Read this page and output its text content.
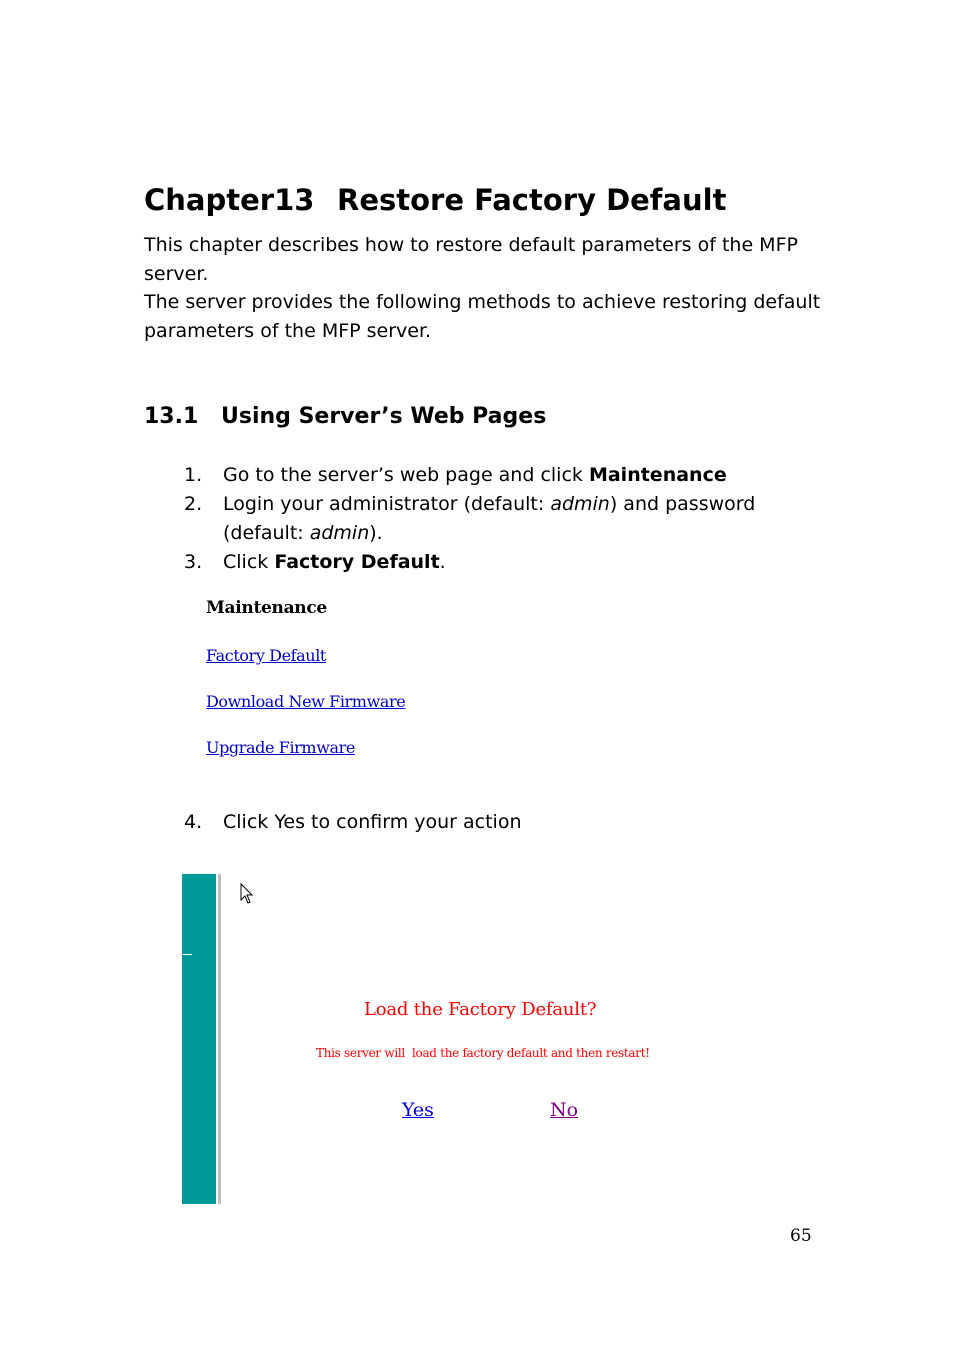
Chapter13 Restore Factory Default
This chapter describes how to restore default parameters of the MFP server.
The server provides the following methods to achieve restoring default parameters of the MFP server.
13.1 Using Server’s Web Pages
1. Go to the server’s web page and click Maintenance
2. Login your administrator (default: admin) and password
(default: admin).
3. Click Factory Default.
Maintenance
Factory Default
Download New Firmware
Upgrade Firmware
4. Click Yes to confirm your action
Load the Factory Default?
This server will  load the factory default and then restart!
Yes	No
65
